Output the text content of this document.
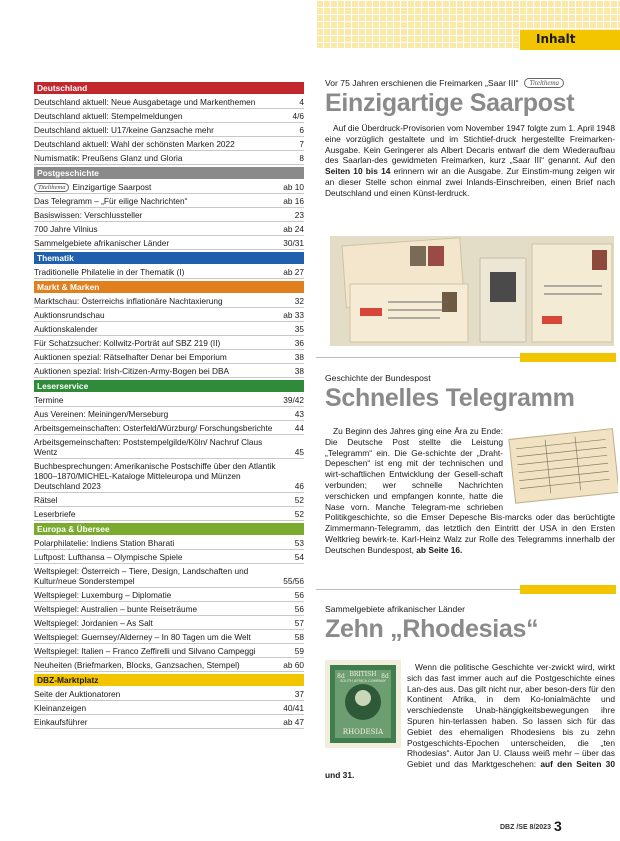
Inhalt
Deutschland
Deutschland aktuell: Neue Ausgabetage und Markenthemen	4
Deutschland aktuell: Stempelmeldungen	4/6
Deutschland aktuell: U17/keine Ganzsache mehr	6
Deutschland aktuell: Wahl der schönsten Marken 2022	7
Numismatik: Preußens Glanz und Gloria	8
Postgeschichte
Titelthema Einzigartige Saarpost	ab 10
Das Telegramm – „Für eilige Nachrichten“	ab 16
Basiswissen: Verschlussteller	23
700 Jahre Vilnius	ab 24
Sammelgebiete afrikanischer Länder	30/31
Thematik
Traditionelle Philatelie in der Thematik (I)	ab 27
Markt & Marken
Marktschau: Österreichs inflationäre Nachtaxierung	32
Auktionsrundschau	ab 33
Auktionskalender	35
Für Schatzsucher: Kollwitz-Porträt auf SBZ 219 (II)	36
Auktionen spezial: Rätselhafter Denar bei Emporium	38
Auktionen spezial: Irish-Citizen-Army-Bogen bei DBA	38
Leserservice
Termine	39/42
Aus Vereinen: Meiningen/Merseburg	43
Arbeitsgemeinschaften: Osterfeld/Würzburg/ Forschungsberichte	44
Arbeitsgemeinschaften: Poststempelgilde/Köln/ Nachruf Claus Wentz	45
Buchbesprechungen: Amerikanische Postschiffe über den Atlantik 1800–1870/MICHEL-Kataloge Mitteleuropa und Münzen Deutschland 2023	46
Rätsel	52
Leserbriefe	52
Europa & Übersee
Polarphilatelie: Indiens Station Bharati	53
Luftpost: Lufthansa – Olympische Spiele	54
Weltspiegel: Österreich – Tiere, Design, Landschaften und Kultur/neue Sonderstempel	55/56
Weltspiegel: Luxemburg – Diplomatie	56
Weltspiegel: Australien – bunte Reiseträume	56
Weltspiegel: Jordanien – As Salt	57
Weltspiegel: Guernsey/Alderney – In 80 Tagen um die Welt	58
Weltspiegel: Italien – Franco Zeffirelli und Silvano Campeggi	59
Neuheiten (Briefmarken, Blocks, Ganzsachen, Stempel)	ab 60
DBZ-Marktplatz
Seite der Auktionatoren	37
Kleinanzeigen	40/41
Einkaufsführer	ab 47
Vor 75 Jahren erschienen die Freimarken „Saar III“ Titelthema
Einzigartige Saarpost
Auf die Überdruck-Provisorien vom November 1947 folgte zum 1. April 1948 eine vorzüglich gestaltete und im Stichtief-druck hergestellte Freimarken-Ausgabe. Kein Geringerer als Albert Decaris entwarf die dem Wiederaufbau des Saarlan-des gewidmeten Freimarken, kurz „Saar III“ genannt. Auf den Seiten 10 bis 14 erinnern wir an die Ausgabe. Zur Einstim-mung zeigen wir an dieser Stelle schon einmal zwei Inlands-Einschreiben, einen Brief nach Deutschland und einen Künst-lerdruck.
Geschichte der Bundespost
Schnelles Telegramm
Zu Beginn des Jahres ging eine Ära zu Ende: Die Deutsche Post stellte die Leistung „Telegramm“ ein. Die Ge-schichte der „Draht-Depeschen“ ist eng mit der technischen und wirt-schaftlichen Entwicklung der Gesell-schaft verbunden; wer schnelle Nachrichten verschicken und empfangen konnte, hatte die Nase vorn. Manche Telegram-me schrieben Politikgeschichte, so die Emser Depesche Bis-marcks oder das berüchtigte Zimmermann-Telegramm, das letztlich den Eintritt der USA in den Ersten Weltkrieg bewirk-te. Karl-Heinz Walz zur Rolle des Telegramms innerhalb der Deutschen Bundespost, ab Seite 16.
Sammelgebiete afrikanischer Länder
Zehn „Rhodesias“
BRITISH
SOUTH AFRICA COMPANY
8d	8d
RHODESIA
Wenn die politische Geschichte ver-zwickt wird, wirkt sich das fast immer auch auf die Postgeschichte eines Lan-des aus. Das gilt nicht nur, aber beson-ders für den Kontinent Afrika, in dem Ko-lonialmächte und verschiedenste Unab-hängigkeitsbewegungen ihre Spuren hin-terlassen haben. So lassen sich für das Gebiet des ehemaligen Rhodesiens bis zu zehn Postgeschichts-Epochen unterscheiden, die „ten Rhodesias“. Autor Jan U. Clauss weiß mehr – über das Gebiet und das Marktgeschehen: auf den Seiten 30 und 31.
DBZ /SE 8/2023 3
